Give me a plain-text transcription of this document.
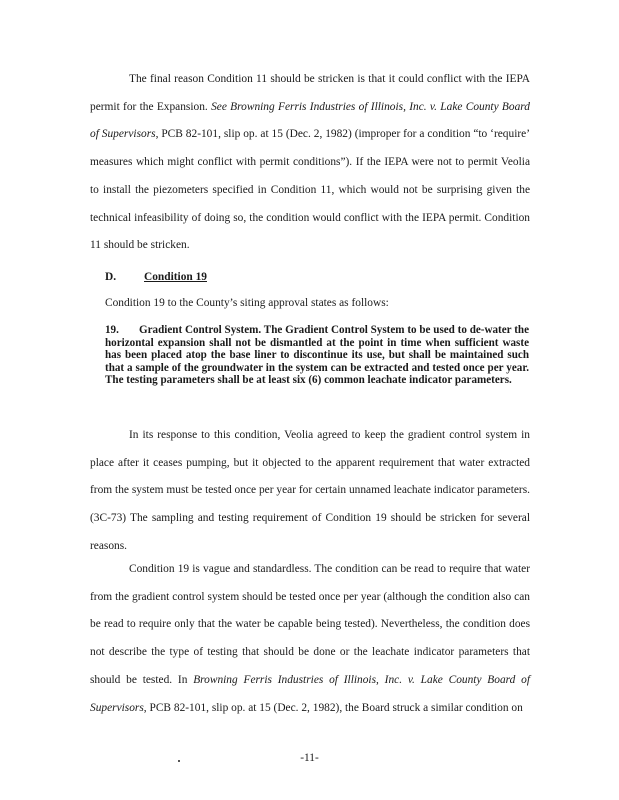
The final reason Condition 11 should be stricken is that it could conflict with the IEPA permit for the Expansion. See Browning Ferris Industries of Illinois, Inc. v. Lake County Board of Supervisors, PCB 82-101, slip op. at 15 (Dec. 2, 1982) (improper for a condition “to ‘require’ measures which might conflict with permit conditions”). If the IEPA were not to permit Veolia to install the piezometers specified in Condition 11, which would not be surprising given the technical infeasibility of doing so, the condition would conflict with the IEPA permit. Condition 11 should be stricken.

D. Condition 19
Condition 19 to the County’s siting approval states as follows:

19. Gradient Control System. The Gradient Control System to be used to de-water the horizontal expansion shall not be dismantled at the point in time when sufficient waste has been placed atop the base liner to discontinue its use, but shall be maintained such that a sample of the groundwater in the system can be extracted and tested once per year. The testing parameters shall be at least six (6) common leachate indicator parameters.

In its response to this condition, Veolia agreed to keep the gradient control system in place after it ceases pumping, but it objected to the apparent requirement that water extracted from the system must be tested once per year for certain unnamed leachate indicator parameters. (3C-73) The sampling and testing requirement of Condition 19 should be stricken for several reasons.

Condition 19 is vague and standardless. The condition can be read to require that water from the gradient control system should be tested once per year (although the condition also can be read to require only that the water be capable being tested). Nevertheless, the condition does not describe the type of testing that should be done or the leachate indicator parameters that should be tested. In Browning Ferris Industries of Illinois, Inc. v. Lake County Board of Supervisors, PCB 82-101, slip op. at 15 (Dec. 2, 1982), the Board struck a similar condition on

-11-
